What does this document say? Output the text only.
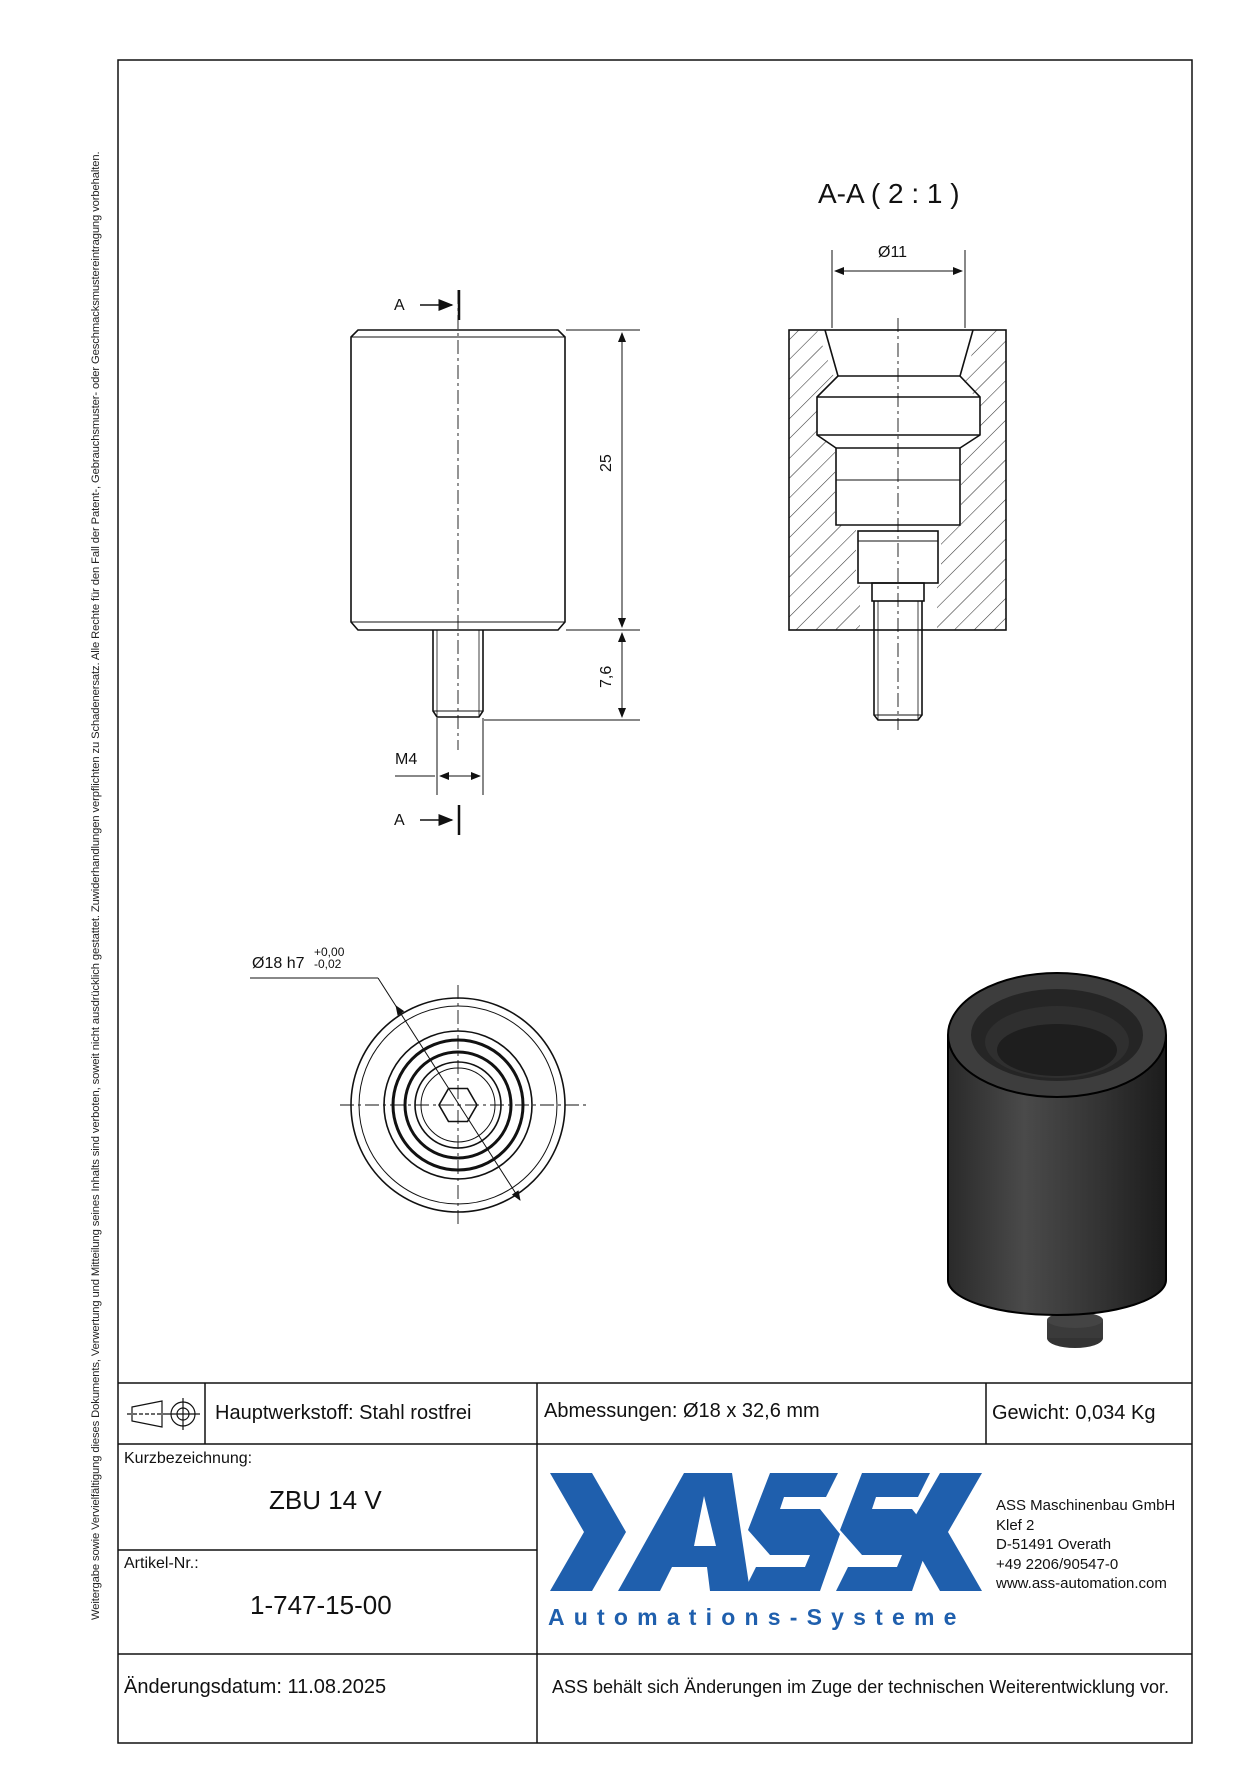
Weitergabe sowie Vervielfältigung dieses Dokuments, Verwertung und Mitteilung seines Inhalts sind verboten, soweit nicht ausdrücklich gestattet. Zuwiderhandlungen verpflichten zu Schadenersatz. Alle Rechte für den Fall der Patent-, Gebrauchsmuster- oder Geschmacksmustereintragung vorbehalten.	A-A ( 2 : 1 )
A
A
25
7,6
M4
Ø11
Ø18 h7
+0,00
-0,02
Hauptwerkstoff: Stahl rostfrei	Abmessungen: Ø18 x 32,6 mm	Gewicht: 0,034 Kg
Kurzbezeichnung:
ZBU 14 V
Artikel-Nr.:
1-747-15-00
Änderungsdatum: 11.08.2025	ASS behält sich Änderungen im Zuge der technischen Weiterentwicklung vor.
Automations-Systeme
ASS Maschinenbau GmbH
Klef 2
D-51491 Overath
+49 2206/90547-0
www.ass-automation.com
